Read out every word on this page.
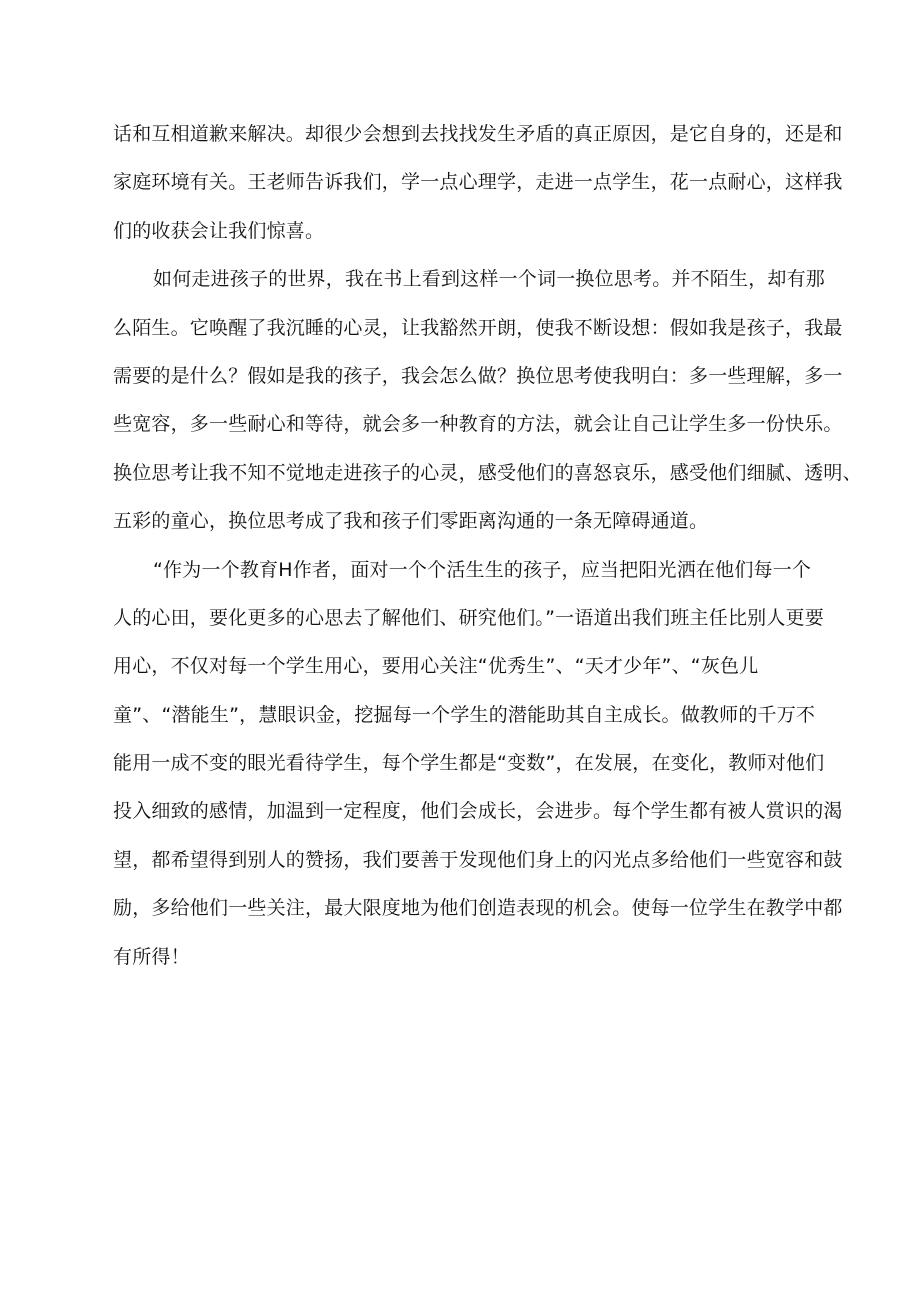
话和互相道歉来解决。却很少会想到去找找发生矛盾的真正原因，是它自身的，还是和
家庭环境有关。王老师告诉我们，学一点心理学，走进一点学生，花一点耐心，这样我
们的收获会让我们惊喜。
如何走进孩子的世界，我在书上看到这样一个词一换位思考。并不陌生，却有那
么陌生。它唤醒了我沉睡的心灵，让我豁然开朗，使我不断设想：假如我是孩子，我最
需要的是什么？假如是我的孩子，我会怎么做？换位思考使我明白：多一些理解，多一
些宽容，多一些耐心和等待，就会多一种教育的方法，就会让自己让学生多一份快乐。
换位思考让我不知不觉地走进孩子的心灵，感受他们的喜怒哀乐，感受他们细腻、透明、
五彩的童心，换位思考成了我和孩子们零距离沟通的一条无障碍通道。
“作为一个教育H作者，面对一个个活生生的孩子，应当把阳光洒在他们每一个
人的心田，要化更多的心思去了解他们、研究他们。”一语道出我们班主任比别人更要
用心，不仅对每一个学生用心，要用心关注“优秀生”、“天才少年”、“灰色儿
童”、“潜能生”，慧眼识金，挖掘每一个学生的潜能助其自主成长。做教师的千万不
能用一成不变的眼光看待学生，每个学生都是“变数”，在发展，在变化，教师对他们
投入细致的感情，加温到一定程度，他们会成长，会进步。每个学生都有被人赏识的渴
望，都希望得到别人的赞扬，我们要善于发现他们身上的闪光点多给他们一些宽容和鼓
励，多给他们一些关注，最大限度地为他们创造表现的机会。使每一位学生在教学中都
有所得！
